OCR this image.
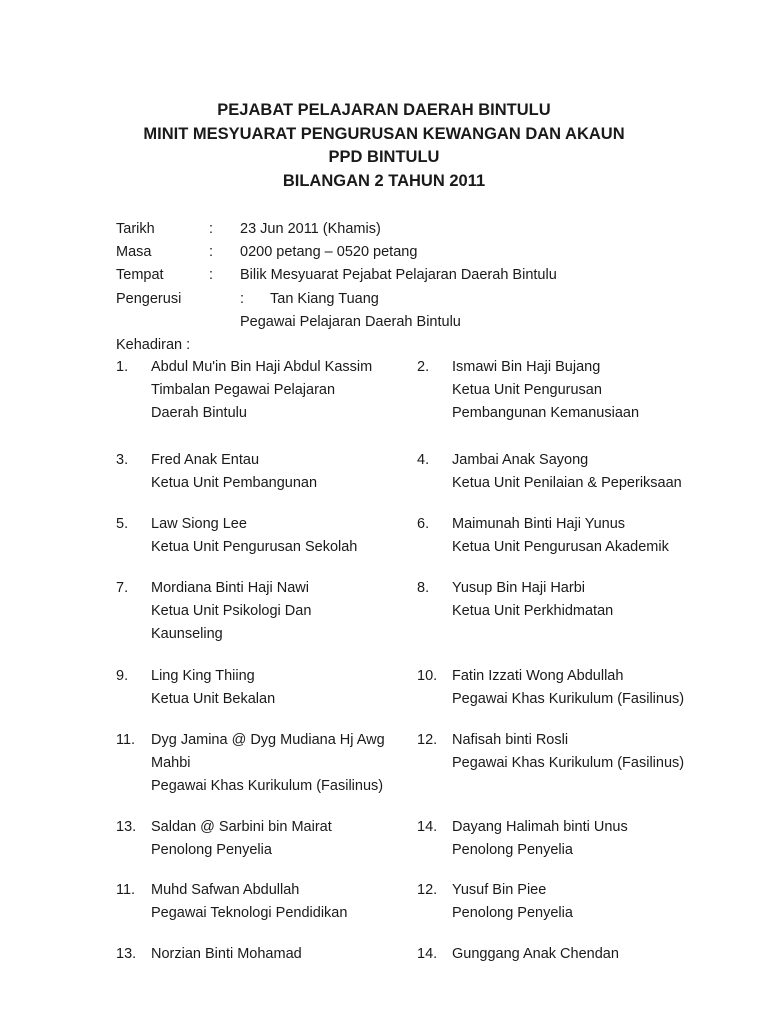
PEJABAT PELAJARAN DAERAH BINTULU

MINIT MESYUARAT PENGURUSAN KEWANGAN DAN AKAUN

PPD BINTULU

BILANGAN 2 TAHUN 2011

Tarikh	: 23 Jun 2011 (Khamis)
Masa	: 0200 petang – 0520 petang
Tempat	: Bilik Mesyuarat Pejabat Pelajaran Daerah Bintulu
Pengerusi	: Tan Kiang Tuang
Pegawai Pelajaran Daerah Bintulu
Kehadiran :
1. Abdul Mu'in Bin Haji Abdul Kassim
Timbalan Pegawai Pelajaran
Daerah Bintulu
2. Ismawi Bin Haji Bujang
Ketua Unit Pengurusan
Pembangunan Kemanusiaan
3. Fred Anak Entau
Ketua Unit Pembangunan
4. Jambai Anak Sayong
Ketua Unit Penilaian & Peperiksaan
5. Law Siong Lee
Ketua Unit Pengurusan Sekolah
6. Maimunah Binti Haji Yunus
Ketua Unit Pengurusan Akademik
7. Mordiana Binti Haji Nawi
Ketua Unit Psikologi Dan
Kaunseling
8. Yusup Bin Haji Harbi
Ketua Unit Perkhidmatan
9. Ling King Thiing
Ketua Unit Bekalan
10. Fatin Izzati Wong Abdullah
Pegawai Khas Kurikulum (Fasilinus)
11. Dyg Jamina @ Dyg Mudiana Hj Awg
Mahbi
Pegawai Khas Kurikulum (Fasilinus)
12. Nafisah binti Rosli
Pegawai Khas Kurikulum (Fasilinus)
13. Saldan @ Sarbini bin Mairat
Penolong Penyelia
14. Dayang Halimah binti Unus
Penolong Penyelia
11. Muhd Safwan Abdullah
Pegawai Teknologi Pendidikan
12. Yusuf Bin Piee
Penolong Penyelia
13. Norzian Binti Mohamad	14. Gunggang Anak Chendan
